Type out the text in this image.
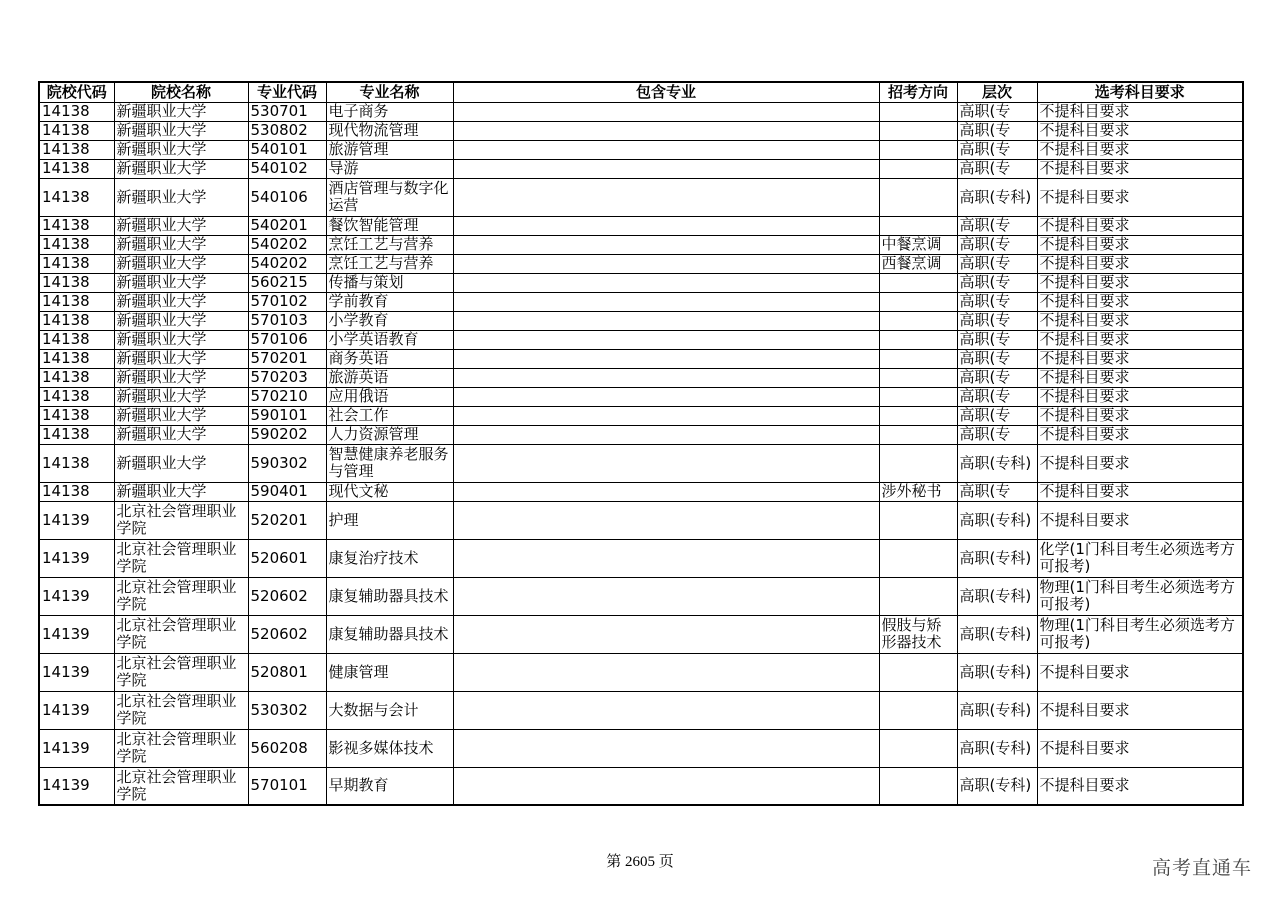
院校代码	院校名称	专业代码	专业名称	包含专业	招考方向	层次	选考科目要求
14138	新疆职业大学	530701	电子商务			高职(专	不提科目要求
14138	新疆职业大学	530802	现代物流管理			高职(专	不提科目要求
14138	新疆职业大学	540101	旅游管理			高职(专	不提科目要求
14138	新疆职业大学	540102	导游			高职(专	不提科目要求
14138	新疆职业大学	540106	酒店管理与数字化运营			高职(专科)	不提科目要求
14138	新疆职业大学	540201	餐饮智能管理			高职(专	不提科目要求
14138	新疆职业大学	540202	烹饪工艺与营养		中餐烹调	高职(专	不提科目要求
14138	新疆职业大学	540202	烹饪工艺与营养		西餐烹调	高职(专	不提科目要求
14138	新疆职业大学	560215	传播与策划			高职(专	不提科目要求
14138	新疆职业大学	570102	学前教育			高职(专	不提科目要求
14138	新疆职业大学	570103	小学教育			高职(专	不提科目要求
14138	新疆职业大学	570106	小学英语教育			高职(专	不提科目要求
14138	新疆职业大学	570201	商务英语			高职(专	不提科目要求
14138	新疆职业大学	570203	旅游英语			高职(专	不提科目要求
14138	新疆职业大学	570210	应用俄语			高职(专	不提科目要求
14138	新疆职业大学	590101	社会工作			高职(专	不提科目要求
14138	新疆职业大学	590202	人力资源管理			高职(专	不提科目要求
14138	新疆职业大学	590302	智慧健康养老服务与管理			高职(专科)	不提科目要求
14138	新疆职业大学	590401	现代文秘		涉外秘书	高职(专	不提科目要求
14139	北京社会管理职业学院	520201	护理			高职(专科)	不提科目要求
14139	北京社会管理职业学院	520601	康复治疗技术			高职(专科)	化学(1门科目考生必须选考方可报考)
14139	北京社会管理职业学院	520602	康复辅助器具技术			高职(专科)	物理(1门科目考生必须选考方可报考)
14139	北京社会管理职业学院	520602	康复辅助器具技术		假肢与矫形器技术	高职(专科)	物理(1门科目考生必须选考方可报考)
14139	北京社会管理职业学院	520801	健康管理			高职(专科)	不提科目要求
14139	北京社会管理职业学院	530302	大数据与会计			高职(专科)	不提科目要求
14139	北京社会管理职业学院	560208	影视多媒体技术			高职(专科)	不提科目要求
14139	北京社会管理职业学院	570101	早期教育			高职(专科)	不提科目要求
第 2605 页	高考直通车
